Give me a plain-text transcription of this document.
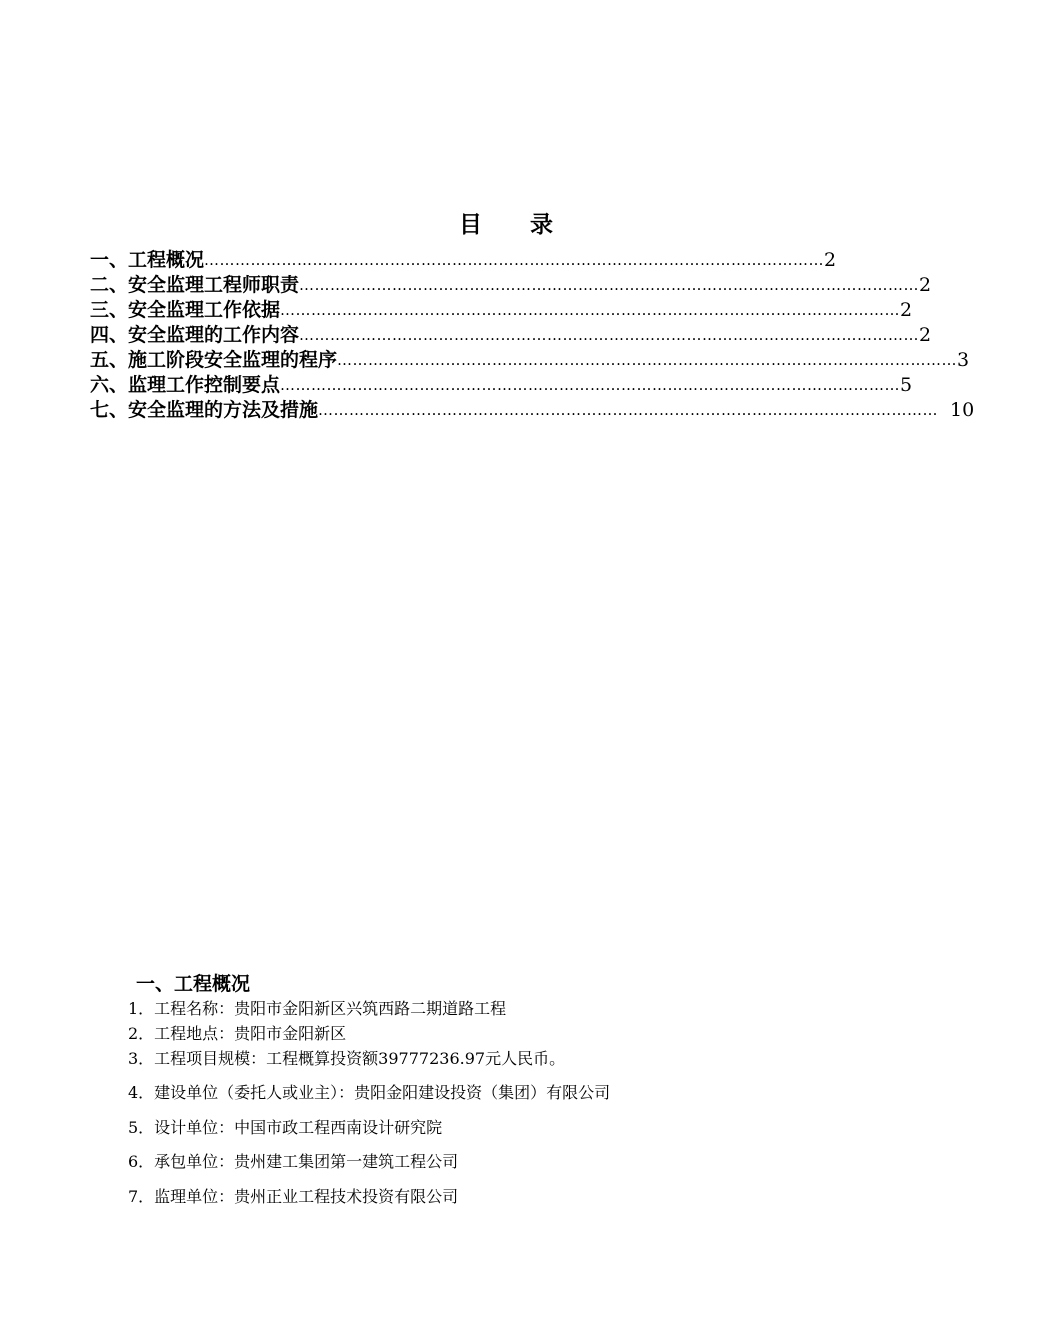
目录
一、工程概况 ………………………………………………………………………………………………………… 2
二、安全监理工程师职责 ………………………………………………………………………………………………………… 2
三、安全监理工作依据 ………………………………………………………………………………………………………… 2
四、安全监理的工作内容 ………………………………………………………………………………………………………… 2
五、施工阶段安全监理的程序 ………………………………………………………………………………………………………… 3
六、监理工作控制要点 ………………………………………………………………………………………………………… 5
七、安全监理的方法及措施 ………………………………………………………………………………………………………… 10
一、工程概况
1．工程名称：贵阳市金阳新区兴筑西路二期道路工程
2．工程地点：贵阳市金阳新区
3．工程项目规模：工程概算投资额39777236.97元人民币。
4．建设单位（委托人或业主）：贵阳金阳建设投资（集团）有限公司
5．设计单位：中国市政工程西南设计研究院
6．承包单位：贵州建工集团第一建筑工程公司
7．监理单位：贵州正业工程技术投资有限公司
